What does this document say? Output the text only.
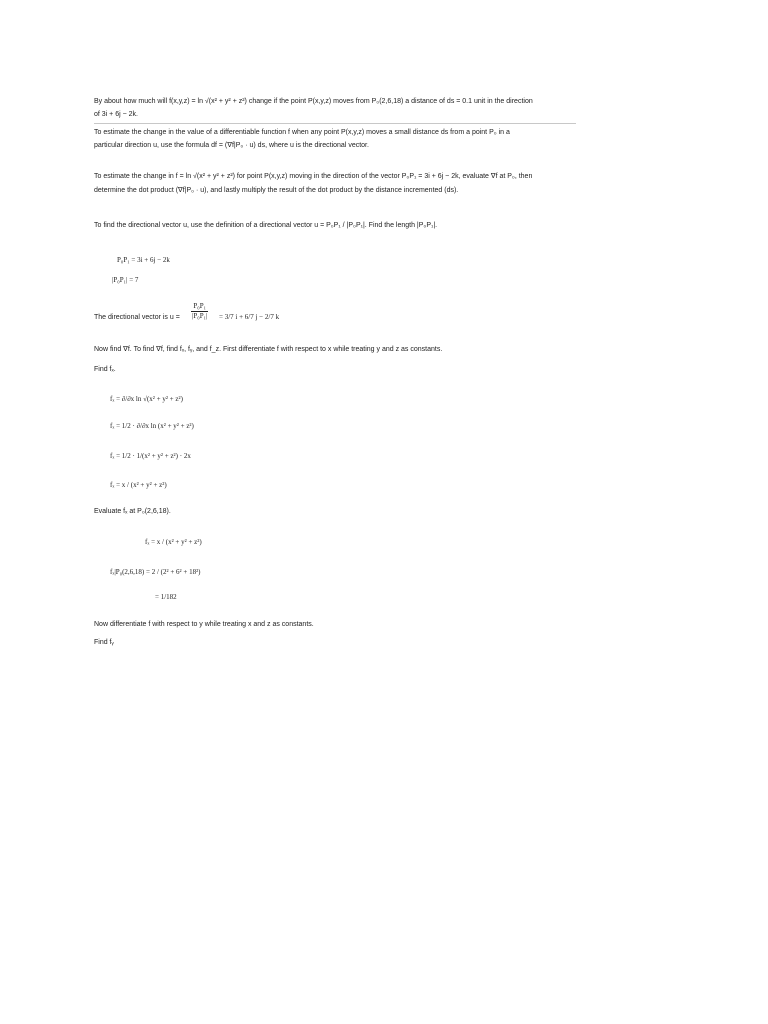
By about how much will f(x,y,z) = ln √(x² + y² + z²) change if the point P(x,y,z) moves from P₀(2,6,18) a distance of ds = 0.1 unit in the direction
of 3i + 6j − 2k.
To estimate the change in the value of a differentiable function f when any point P(x,y,z) moves a small distance ds from a point P₀ in a
particular direction u, use the formula df = (∇f|P₀ · u) ds, where u is the directional vector.
To estimate the change in f = ln √(x² + y² + z²) for point P(x,y,z) moving in the direction of the vector P₀P₁ = 3i + 6j − 2k, evaluate ∇f at P₀, then
determine the dot product (∇f|P₀ · u), and lastly multiply the result of the dot product by the distance incremented (ds).
To find the directional vector u, use the definition of a directional vector u = P₀P₁ / |P₀P₁|. Find the length |P₀P₁|.
P₀P₁ = 3i + 6j − 2k
|P₀P₁| = 7
The directional vector is $u = \frac{\text{P₀P₁}}{\text{|P₀P₁|}} = 3/7$ i + 6/7 j − 2/7 k
Now find ∇f. To find ∇f, find fₓ, fᵧ, and f_z. First differentiate f with respect to x while treating y and z as constants.
Find fₓ.
fₓ = ∂/∂x ln √(x² + y² + z²)
fₓ = 1/2 · ∂/∂x ln (x² + y² + z²)
fₓ = 1/2 · 1/(x² + y² + z²) · 2x
fₓ = x / (x² + y² + z²)
Evaluate fₓ at P₀(2,6,18).
fₓ = x / (x² + y² + z²)
fₓ|P₀(2,6,18) = 2 / (2² + 6² + 18²)
= 1/182
Now differentiate f with respect to y while treating x and z as constants.
Find fᵧ
